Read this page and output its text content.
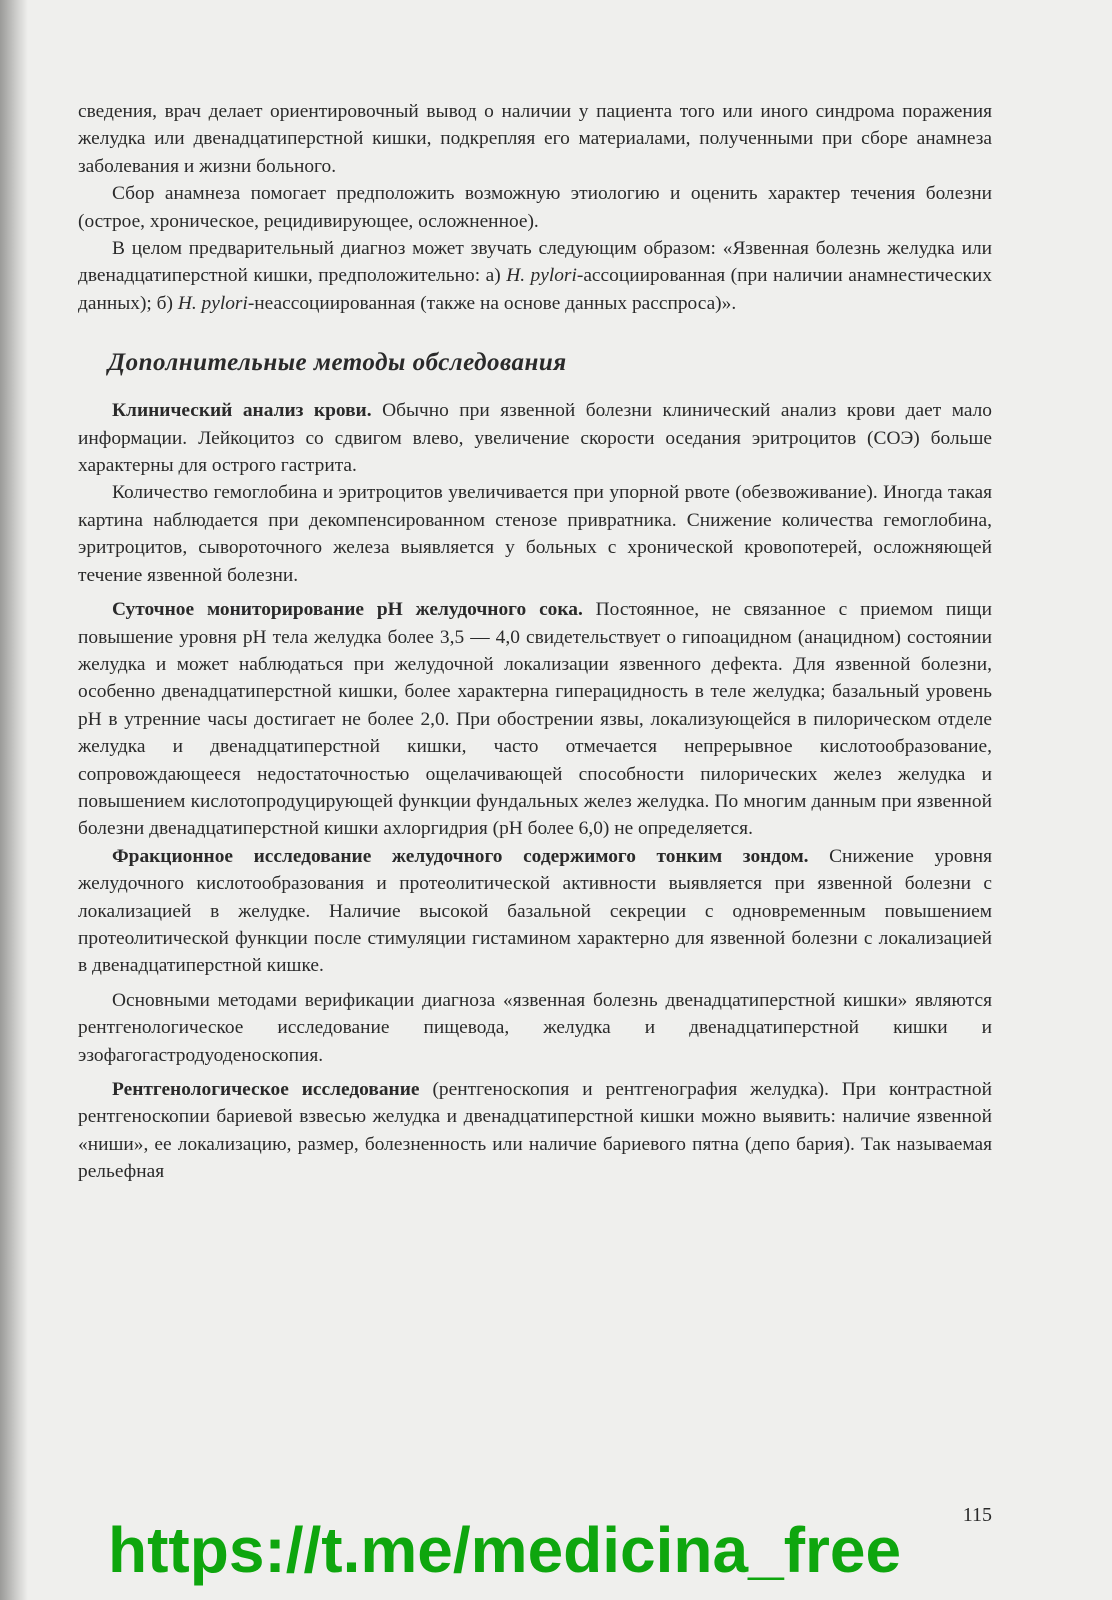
сведения, врач делает ориентировочный вывод о наличии у пациента того или иного синдрома поражения желудка или двенадцатиперстной кишки, подкрепляя его материалами, полученными при сборе анамнеза заболевания и жизни больного.

Сбор анамнеза помогает предположить возможную этиологию и оценить характер течения болезни (острое, хроническое, рецидивирующее, осложненное).

В целом предварительный диагноз может звучать следующим образом: «Язвенная болезнь желудка или двенадцатиперстной кишки, предположительно: а) H. pylori-ассоциированная (при наличии анамнестических данных); б) H. pylori-неассоциированная (также на основе данных расспроса)».

Дополнительные методы обследования

Клинический анализ крови. Обычно при язвенной болезни клинический анализ крови дает мало информации. Лейкоцитоз со сдвигом влево, увеличение скорости оседания эритроцитов (СОЭ) больше характерны для острого гастрита.

Количество гемоглобина и эритроцитов увеличивается при упорной рвоте (обезвоживание). Иногда такая картина наблюдается при декомпенсированном стенозе привратника. Снижение количества гемоглобина, эритроцитов, сывороточного железа выявляется у больных с хронической кровопотерей, осложняющей течение язвенной болезни.

Суточное мониторирование рН желудочного сока. Постоянное, не связанное с приемом пищи повышение уровня рН тела желудка более 3,5 — 4,0 свидетельствует о гипоацидном (анацидном) состоянии желудка и может наблюдаться при желудочной локализации язвенного дефекта. Для язвенной болезни, особенно двенадцатиперстной кишки, более характерна гиперацидность в теле желудка; базальный уровень рН в утренние часы достигает не более 2,0. При обострении язвы, локализующейся в пилорическом отделе желудка и двенадцатиперстной кишки, часто отмечается непрерывное кислотообразование, сопровождающееся недостаточностью ощелачивающей способности пилорических желез желудка и повышением кислотопродуцирующей функции фундальных желез желудка. По многим данным при язвенной болезни двенадцатиперстной кишки ахлоргидрия (рН более 6,0) не определяется.

Фракционное исследование желудочного содержимого тонким зондом. Снижение уровня желудочного кислотообразования и протеолитической активности выявляется при язвенной болезни с локализацией в желудке. Наличие высокой базальной секреции с одновременным повышением протеолитической функции после стимуляции гистамином характерно для язвенной болезни с локализацией в двенадцатиперстной кишке.

Основными методами верификации диагноза «язвенная болезнь двенадцатиперстной кишки» являются рентгенологическое исследование пищевода, желудка и двенадцатиперстной кишки и эзофагогастродуоденоскопия.

Рентгенологическое исследование (рентгеноскопия и рентгенография желудка). При контрастной рентгеноскопии бариевой взвесью желудка и двенадцатиперстной кишки можно выявить: наличие язвенной «ниши», ее локализацию, размер, болезненность или наличие бариевого пятна (депо бария). Так называемая рельефная

115
https://t.me/medicina_free
